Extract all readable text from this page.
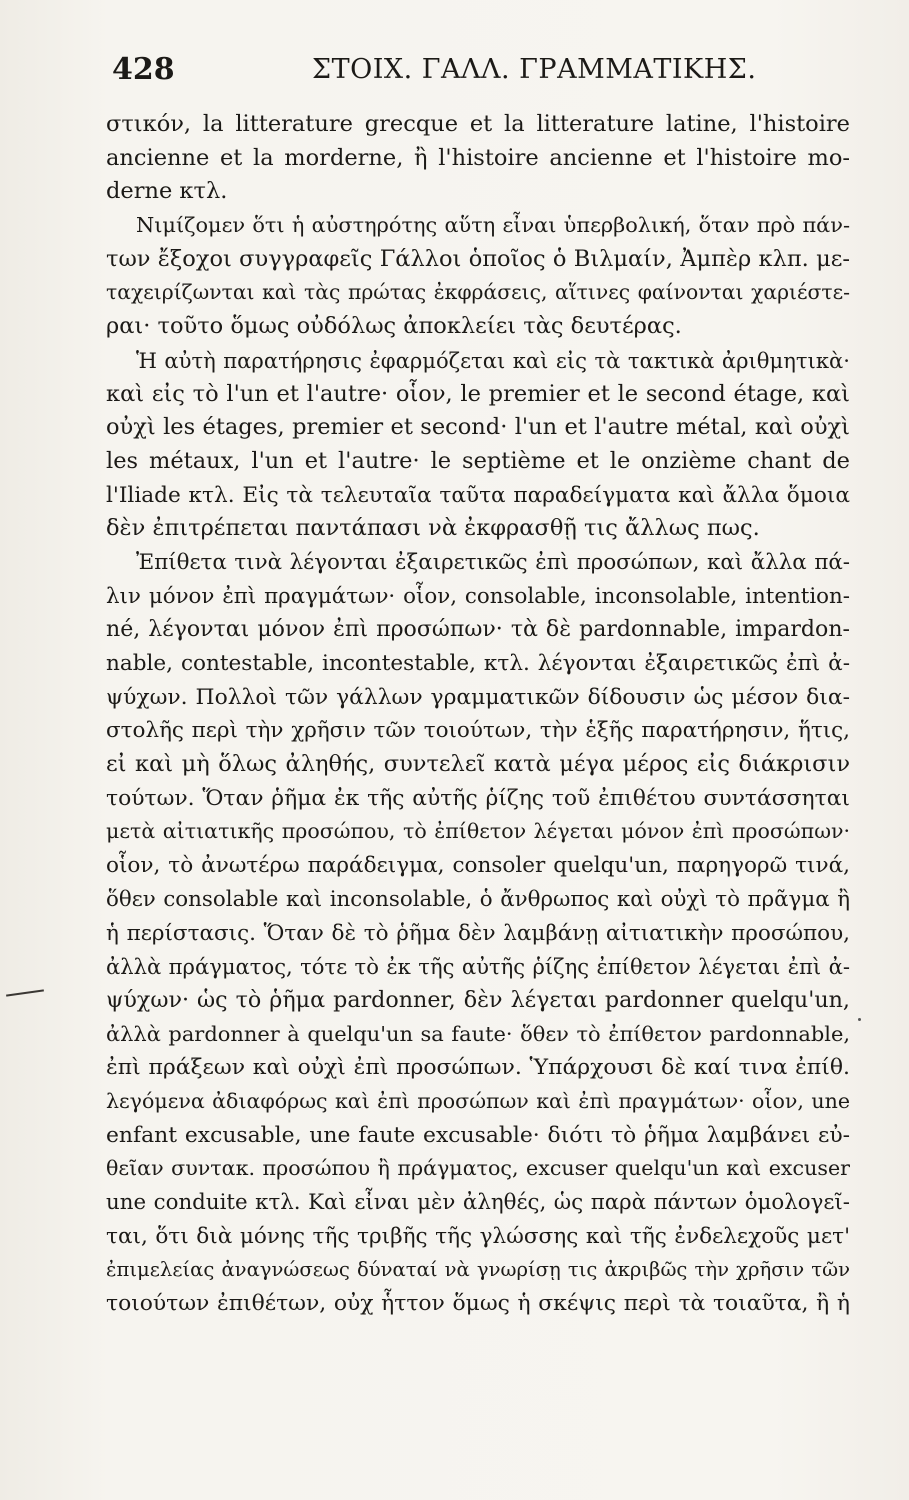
428	ΣΤΟΙΧ. ΓΑΛΛ. ΓΡΑΜΜΑΤΙΚΗΣ.
στικόν, la litterature grecque et la litterature latine, l'histoire
ancienne et la morderne, ἢ l'histoire ancienne et l'histoire mo-
derne κτλ.
Νιμίζομεν ὅτι ἡ αὐστηρότης αὕτη εἶναι ὑπερβολική, ὅταν πρὸ πάν-
των ἔξοχοι συγγραφεῖς Γάλλοι ὁποῖος ὁ Βιλμαίν, Ἀμπὲρ κλπ. με-
ταχειρίζωνται καὶ τὰς πρώτας ἐκφράσεις, αἵτινες φαίνονται χαριέστε-
ραι· τοῦτο ὅμως οὐδόλως ἀποκλείει τὰς δευτέρας.
Ἡ αὐτὴ παρατήρησις ἐφαρμόζεται καὶ εἰς τὰ τακτικὰ ἀριθμητικὰ·
καὶ εἰς τὸ l'un et l'autre· οἷον, le premier et le second étage, καὶ
οὐχὶ les étages, premier et second· l'un et l'autre métal, καὶ οὐχὶ
les métaux, l'un et l'autre· le septième et le onzième chant de
l'Iliade κτλ. Εἰς τὰ τελευταῖα ταῦτα παραδείγματα καὶ ἄλλα ὅμοια
δὲν ἐπιτρέπεται παντάπασι νὰ ἐκφρασθῇ τις ἄλλως πως.
Ἐπίθετα τινὰ λέγονται ἐξαιρετικῶς ἐπὶ προσώπων, καὶ ἄλλα πά-
λιν μόνον ἐπὶ πραγμάτων· οἷον, consolable, inconsolable, intention-
né, λέγονται μόνον ἐπὶ προσώπων· τὰ δὲ pardonnable, impardon-
nable, contestable, incontestable, κτλ. λέγονται ἐξαιρετικῶς ἐπὶ ἀ-
ψύχων. Πολλοὶ τῶν γάλλων γραμματικῶν δίδουσιν ὡς μέσον δια-
στολῆς περὶ τὴν χρῆσιν τῶν τοιούτων, τὴν ἑξῆς παρατήρησιν, ἥτις,
εἰ καὶ μὴ ὅλως ἀληθής, συντελεῖ κατὰ μέγα μέρος εἰς διάκρισιν
τούτων. Ὅταν ῥῆμα ἐκ τῆς αὐτῆς ῥίζης τοῦ ἐπιθέτου συντάσσηται
μετὰ αἰτιατικῆς προσώπου, τὸ ἐπίθετον λέγεται μόνον ἐπὶ προσώπων·
οἷον, τὸ ἀνωτέρω παράδειγμα, consoler quelqu'un, παρηγορῶ τινά,
ὅθεν consolable καὶ inconsolable, ὁ ἄνθρωπος καὶ οὐχὶ τὸ πρᾶγμα ἢ
ἡ περίστασις. Ὅταν δὲ τὸ ῥῆμα δὲν λαμβάνῃ αἰτιατικὴν προσώπου,
ἀλλὰ πράγματος, τότε τὸ ἐκ τῆς αὐτῆς ῥίζης ἐπίθετον λέγεται ἐπὶ ἀ-
ψύχων· ὡς τὸ ῥῆμα pardonner, δὲν λέγεται pardonner quelqu'un,
ἀλλὰ pardonner à quelqu'un sa faute· ὅθεν τὸ ἐπίθετον pardonnable,
ἐπὶ πράξεων καὶ οὐχὶ ἐπὶ προσώπων. Ὑπάρχουσι δὲ καί τινα ἐπίθ.
λεγόμενα ἀδιαφόρως καὶ ἐπὶ προσώπων καὶ ἐπὶ πραγμάτων· οἷον, une
enfant excusable, une faute excusable· διότι τὸ ῥῆμα λαμβάνει εὐ-
θεῖαν συντακ. προσώπου ἢ πράγματος, excuser quelqu'un καὶ excuser
une conduite κτλ. Καὶ εἶναι μὲν ἀληθές, ὡς παρὰ πάντων ὁμολογεῖ-
ται, ὅτι διὰ μόνης τῆς τριβῆς τῆς γλώσσης καὶ τῆς ἐνδελεχοῦς μετ'
ἐπιμελείας ἀναγνώσεως δύναταί νὰ γνωρίσῃ τις ἀκριβῶς τὴν χρῆσιν τῶν
τοιούτων ἐπιθέτων, οὐχ ἧττον ὅμως ἡ σκέψις περὶ τὰ τοιαῦτα, ἢ ἡ
